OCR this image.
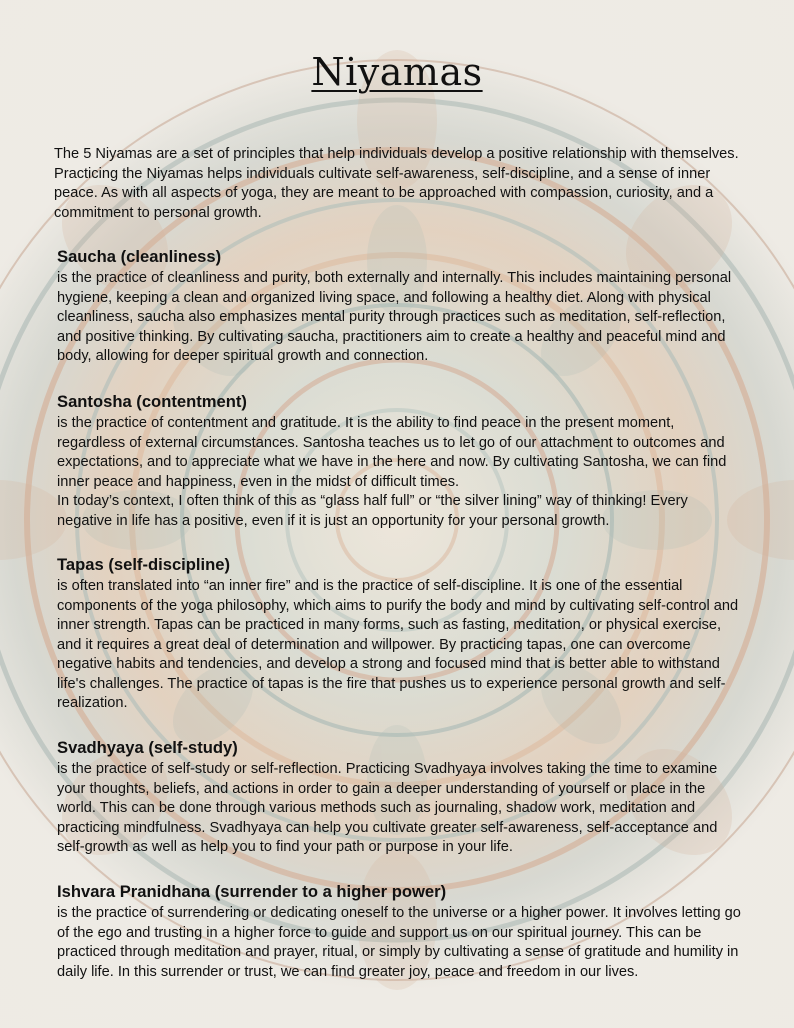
Niyamas

The 5 Niyamas are a set of principles that help individuals develop a positive relationship with themselves. Practicing the Niyamas helps individuals cultivate self-awareness, self-discipline, and a sense of inner peace. As with all aspects of yoga, they are meant to be approached with compassion, curiosity, and a commitment to personal growth.

Saucha (cleanliness)

is the practice of cleanliness and purity, both externally and internally. This includes maintaining personal hygiene, keeping a clean and organized living space, and following a healthy diet. Along with physical cleanliness, saucha also emphasizes mental purity through practices such as meditation, self-reflection, and positive thinking. By cultivating saucha, practitioners aim to create a healthy and peaceful mind and body, allowing for deeper spiritual growth and connection.

Santosha (contentment)

is the practice of contentment and gratitude. It is the ability to find peace in the present moment, regardless of external circumstances. Santosha teaches us to let go of our attachment to outcomes and expectations, and to appreciate what we have in the here and now. By cultivating Santosha, we can find inner peace and happiness, even in the midst of difficult times.

In today’s context, I often think of this as “glass half full” or “the silver lining” way of thinking! Every negative in life has a positive, even if it is just an opportunity for your personal growth.

Tapas (self-discipline)

is often translated into “an inner fire” and is the practice of self-discipline. It is one of the essential components of the yoga philosophy, which aims to purify the body and mind by cultivating self-control and inner strength. Tapas can be practiced in many forms, such as fasting, meditation, or physical exercise, and it requires a great deal of determination and willpower. By practicing tapas, one can overcome negative habits and tendencies, and develop a strong and focused mind that is better able to withstand life's challenges. The practice of tapas is the fire that pushes us to experience personal growth and self-realization.

Svadhyaya (self-study)

is the practice of self-study or self-reflection. Practicing Svadhyaya involves taking the time to examine your thoughts, beliefs, and actions in order to gain a deeper understanding of yourself or place in the world. This can be done through various methods such as journaling, shadow work, meditation and practicing mindfulness. Svadhyaya can help you cultivate greater self-awareness, self-acceptance and self-growth as well as help you to find your path or purpose in your life.

Ishvara Pranidhana (surrender to a higher power)

is the practice of surrendering or dedicating oneself to the universe or a higher power. It involves letting go of the ego and trusting in a higher force to guide and support us on our spiritual journey. This can be practiced through meditation and prayer, ritual, or simply by cultivating a sense of gratitude and humility in daily life. In this surrender or trust, we can find greater joy, peace and freedom in our lives.
